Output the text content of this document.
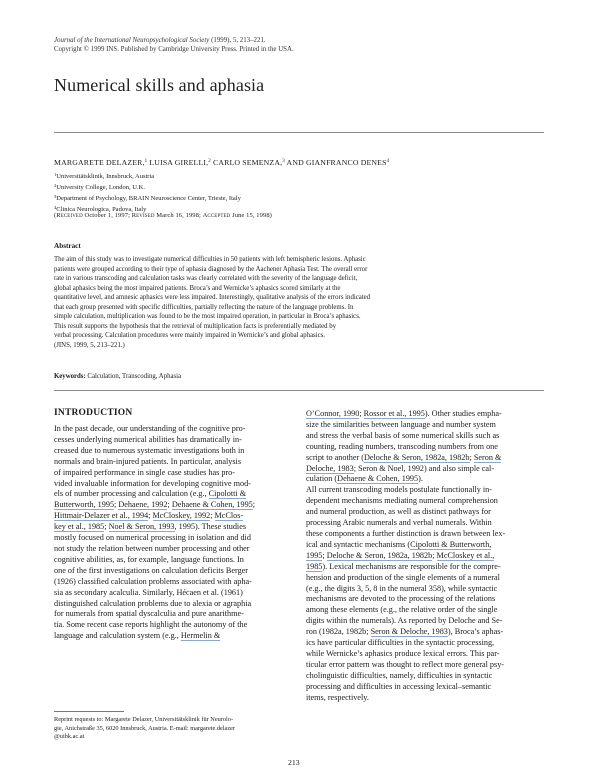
Journal of the International Neuropsychological Society (1999), 5, 213–221.
Copyright © 1999 INS. Published by Cambridge University Press. Printed in the USA.
Numerical skills and aphasia
MARGARETE DELAZER,$^1$ LUISA GIRELLI,$^2$ CARLO SEMENZA,$^3$ AND GIANFRANCO DENES$^4$
$^1$Universitätsklinik, Innsbruck, Austria
$^2$University College, London, U.K.
$^3$Department of Psychology, BRAIN Neuroscience Center, Trieste, Italy
$^4$Clinica Neurologica, Padova, Italy
(Received October 1, 1997; Revised March 16, 1998; Accepted June 15, 1998)
Abstract

The aim of this study was to investigate numerical difficulties in 50 patients with left hemispheric lesions. Aphasic

patients were grouped according to their type of aphasia diagnosed by the Aachener Aphasia Test. The overall error

rate in various transcoding and calculation tasks was clearly correlated with the severity of the language deficit,

global aphasics being the most impaired patients. Broca’s and Wernicke’s aphasics scored similarly at the

quantitative level, and amnesic aphasics were less impaired. Interestingly, qualitative analysis of the errors indicated

that each group presented with specific difficulties, partially reflecting the nature of the language problems. In

simple calculation, multiplication was found to be the most impaired operation, in particular in Broca’s aphasics.

This result supports the hypothesis that the retrieval of multiplication facts is preferentially mediated by

verbal processing. Calculation procedures were mainly impaired in Wernicke’s and global aphasics.

(JINS, 1999, 5, 213–221.)

Keywords: Calculation, Transcoding, Aphasia
INTRODUCTION

In the past decade, our understanding of the cognitive pro-

cesses underlying numerical abilities has dramatically in-

creased due to numerous systematic investigations both in

normals and brain-injured patients. In particular, analysis

of impaired performance in single case studies has pro-

vided invaluable information for developing cognitive mod-

els of number processing and calculation (e.g., Cipolotti &

Butterworth, 1995; Dehaene, 1992; Dehaene & Cohen, 1995;

Hittmair-Delazer et al., 1994; McCloskey, 1992; McClos-

key et al., 1985; Noel & Seron, 1993, 1995). These studies

mostly focused on numerical processing in isolation and did

not study the relation between number processing and other

cognitive abilities, as, for example, language functions. In

one of the first investigations on calculation deficits Berger

(1926) classified calculation problems associated with apha-

sia as secondary acalculia. Similarly, Hécaen et al. (1961)

distinguished calculation problems due to alexia or agraphia

for numerals from spatial dyscalculia and pure anarithme-

tia. Some recent case reports highlight the autonomy of the

language and calculation system (e.g., Hermelin &

O’Connor, 1990; Rossor et al., 1995). Other studies empha-

size the similarities between language and number system

and stress the verbal basis of some numerical skills such as

counting, reading numbers, transcoding numbers from one

script to another (Deloche & Seron, 1982a, 1982b; Seron &

Deloche, 1983; Seron & Noel, 1992) and also simple cal-

culation (Dehaene & Cohen, 1995).

All current transcoding models postulate functionally in-

dependent mechanisms mediating numeral comprehension

and numeral production, as well as distinct pathways for

processing Arabic numerals and verbal numerals. Within

these components a further distinction is drawn between lex-

ical and syntactic mechanisms (Cipolotti & Butterworth,

1995; Deloche & Seron, 1982a, 1982b; McCloskey et al.,

1985). Lexical mechanisms are responsible for the compre-

hension and production of the single elements of a numeral

(e.g., the digits 3, 5, 8 in the numeral 358), while syntactic

mechanisms are devoted to the processing of the relations

among these elements (e.g., the relative order of the single

digits within the numerals). As reported by Deloche and Se-

ron (1982a, 1982b; Seron & Deloche, 1983), Broca’s aphas-

ics have particular difficulties in the syntactic processing,

while Wernicke’s aphasics produce lexical errors. This par-

ticular error pattern was thought to reflect more general psy-

cholinguistic difficulties, namely, difficulties in syntactic

processing and difficulties in accessing lexical–semantic

items, respectively.

Reprint requests to: Margarete Delazer, Universitätsklinik für Neurolo-

gie, Anichstraße 35, 6020 Innsbruck, Austria. E-mail: margarete.delazer

@uibk.ac.at

213
